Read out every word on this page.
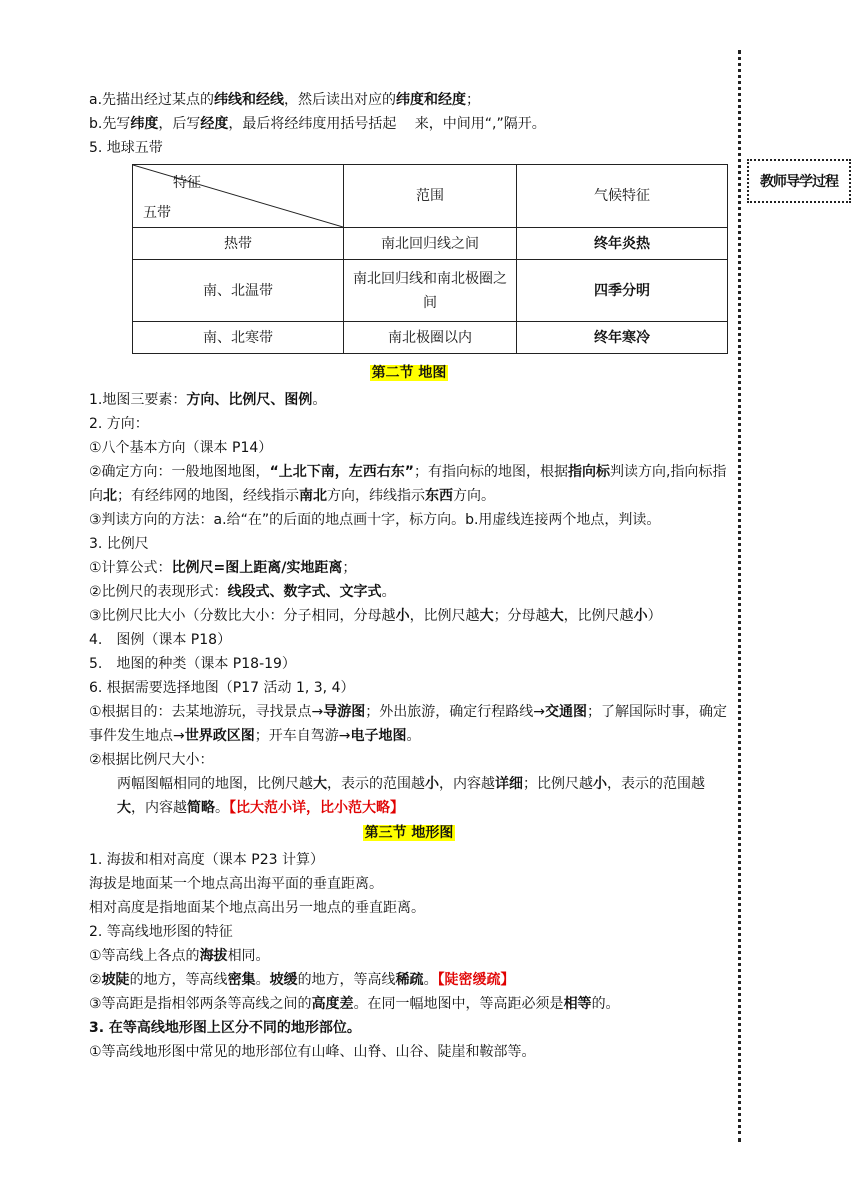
教师导学过程
a.先描出经过某点的纬线和经线，然后读出对应的纬度和经度；
b.先写纬度，后写经度，最后将经纬度用括号括起　 来，中间用“,”隔开。
5. 地球五带
特征
五带	范围	气候特征
热带	南北回归线之间	终年炎热
南、北温带	南北回归线和南北极圈之间	四季分明
南、北寒带	南北极圈以内	终年寒冷
第二节 地图
1.地图三要素：方向、比例尺、图例。
2. 方向：
①八个基本方向（课本 P14）
②确定方向：一般地图地图，“上北下南，左西右东”；有指向标的地图，根据指向标判读方向,指向标指向北；有经纬网的地图，经线指示南北方向，纬线指示东西方向。
③判读方向的方法：a.给“在”的后面的地点画十字，标方向。b.用虚线连接两个地点，判读。
3. 比例尺
①计算公式：比例尺=图上距离/实地距离；
②比例尺的表现形式：线段式、数字式、文字式。
③比例尺比大小（分数比大小：分子相同，分母越小，比例尺越大；分母越大，比例尺越小）
4.　图例（课本 P18）
5.　地图的种类（课本 P18-19）
6. 根据需要选择地图（P17 活动 1, 3, 4）
①根据目的：去某地游玩，寻找景点→导游图；外出旅游，确定行程路线→交通图；了解国际时事，确定事件发生地点→世界政区图；开车自驾游→电子地图。
②根据比例尺大小：
两幅图幅相同的地图，比例尺越大，表示的范围越小，内容越详细；比例尺越小，表示的范围越大，内容越简略。【比大范小详，比小范大略】
第三节 地形图
1. 海拔和相对高度（课本 P23 计算）
海拔是地面某一个地点高出海平面的垂直距离。
相对高度是指地面某个地点高出另一地点的垂直距离。
2. 等高线地形图的特征
①等高线上各点的海拔相同。
②坡陡的地方，等高线密集。坡缓的地方，等高线稀疏。【陡密缓疏】
③等高距是指相邻两条等高线之间的高度差。在同一幅地图中，等高距必须是相等的。
3. 在等高线地形图上区分不同的地形部位。
①等高线地形图中常见的地形部位有山峰、山脊、山谷、陡崖和鞍部等。
